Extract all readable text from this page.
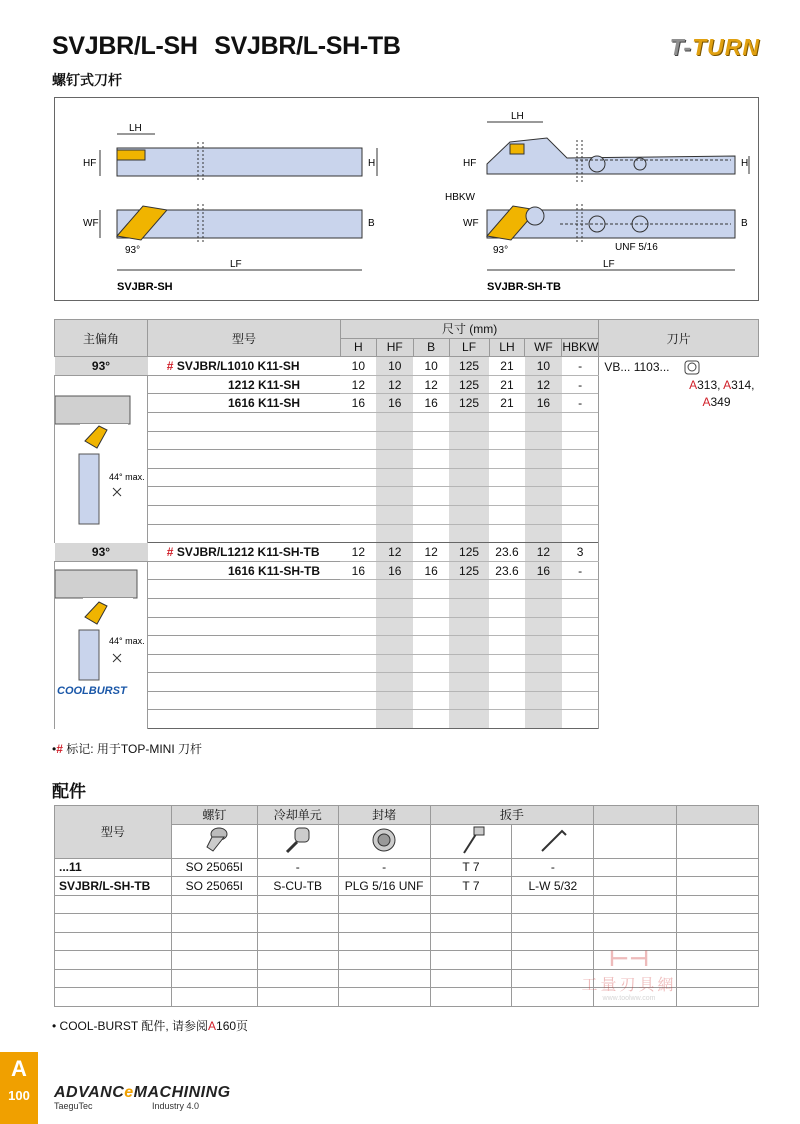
SVJBR/L-SH SVJBR/L-SH-TB
螺钉式刀杆
T-TURN
LH
HF	H
WF	B
93°
LF
SVJBR-SH
LH
HF	H
HBKW
WF	B
93°	UNF 5/16
LF
SVJBR-SH-TB
主偏角	型号	尺寸 (mm)							刀片
		H	HF	B	LF	LH	WF	HBKW	
93°	# SVJBR/L1010 K11-SH	10	10	10	125	21	10	-	VB... 1103...
A313, A314,
A349

44° max.	1212 K11-SH	12	12	12	125	21	12	-	
	1616 K11-SH	16	16	16	125	21	16	-	

93°	# SVJBR/L1212 K11-SH-TB	12	12	12	125	23.6	12	3	

44° max.
COOLBURST	1616 K11-SH-TB	16	16	16	125	23.6	16	-	

•# 标记: 用于TOP-MINI 刀杆
配件
型号	螺钉	冷却单元	封堵	扳手			

...11	SO 25065I	-	-	T 7	-		
SVJBR/L-SH-TB	SO 25065I	S-CU-TB	PLG 5/16 UNF	T 7	L-W 5/32		

⊢⊣
工量刃具網
www.toolww.com
• COOL-BURST 配件, 请参阅A160页
A
100	ADVANCeMACHINING
TaeguTec	Industry 4.0
